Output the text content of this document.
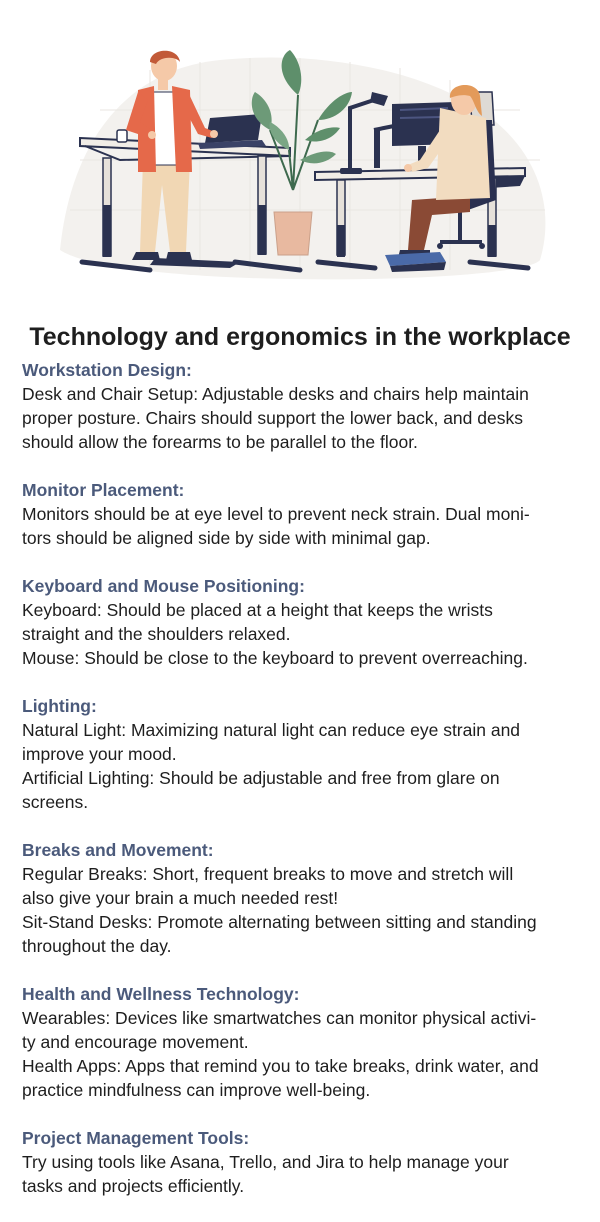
Technology and ergonomics in the workplace
Workstation Design:
Desk and Chair Setup: Adjustable desks and chairs help maintain
proper posture. Chairs should support the lower back, and desks
should allow the forearms to be parallel to the floor.
Monitor Placement:
Monitors should be at eye level to prevent neck strain. Dual moni-
tors should be aligned side by side with minimal gap.
Keyboard and Mouse Positioning:
Keyboard: Should be placed at a height that keeps the wrists
straight and the shoulders relaxed.
Mouse: Should be close to the keyboard to prevent overreaching.
Lighting:
Natural Light: Maximizing natural light can reduce eye strain and
improve your mood.
Artificial Lighting: Should be adjustable and free from glare on
screens.
Breaks and Movement:
Regular Breaks: Short, frequent breaks to move and stretch will
also give your brain a much needed rest!
Sit-Stand Desks: Promote alternating between sitting and standing
throughout the day.
Health and Wellness Technology:
Wearables: Devices like smartwatches can monitor physical activi-
ty and encourage movement.
Health Apps: Apps that remind you to take breaks, drink water, and
practice mindfulness can improve well-being.
Project Management Tools:
Try using tools like Asana, Trello, and Jira to help manage your
tasks and projects efficiently.
